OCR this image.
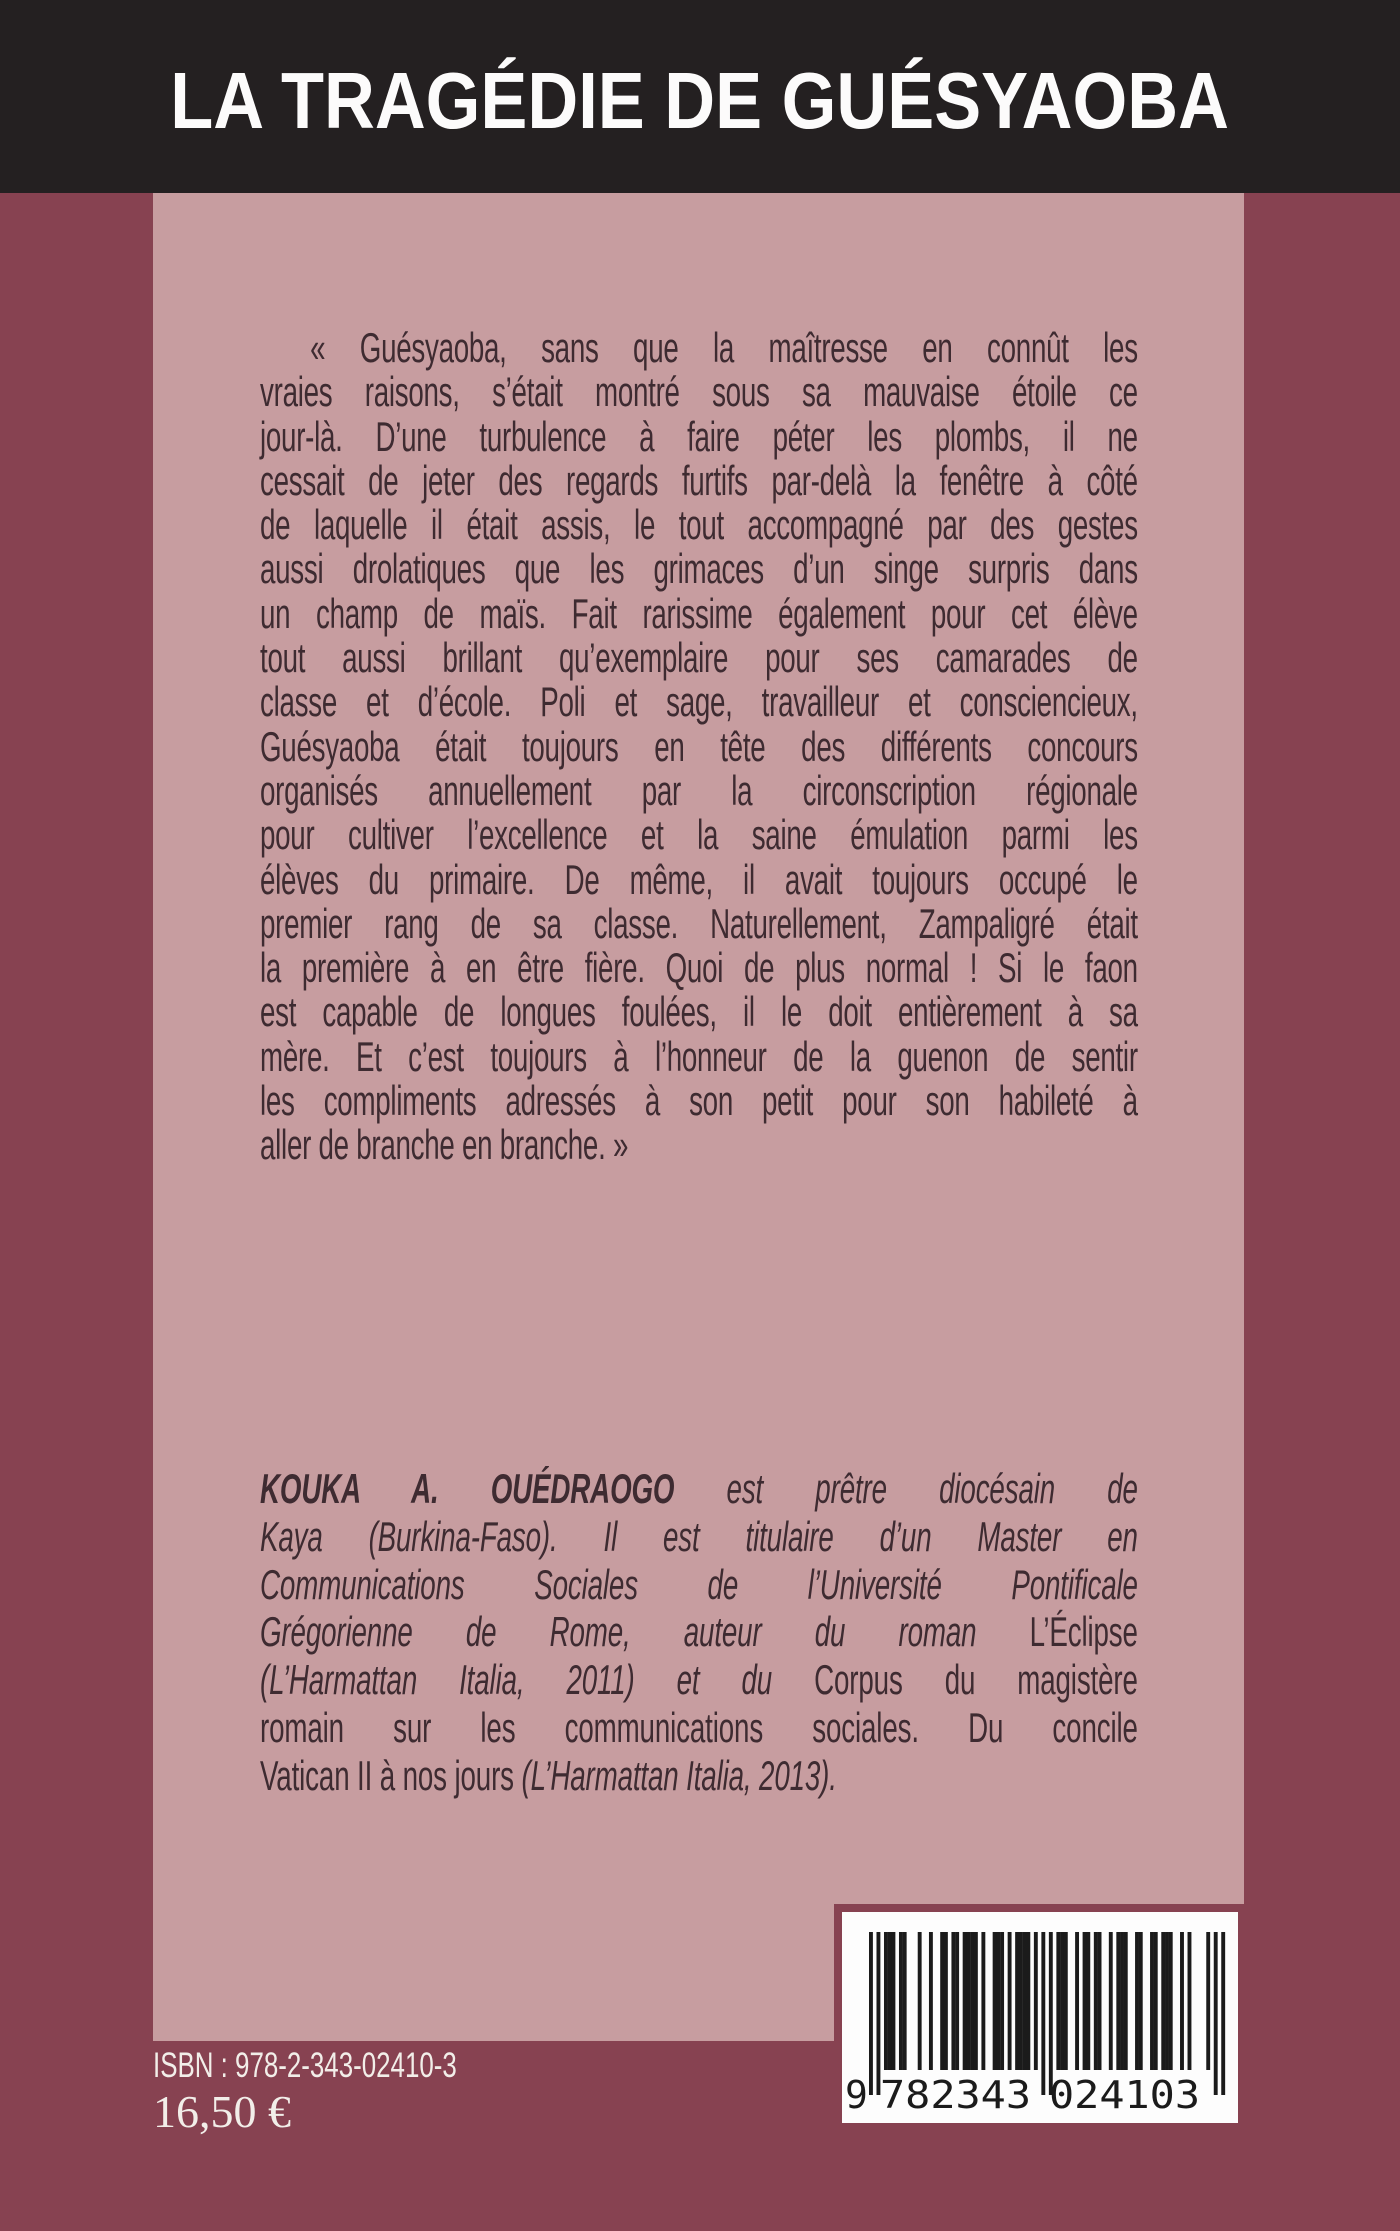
LA TRAGÉDIE DE GUÉSYAOBA
« Guésyaoba, sans que la maîtresse en connût les
vraies raisons, s’était montré sous sa mauvaise étoile ce
jour-là. D’une turbulence à faire péter les plombs, il ne
cessait de jeter des regards furtifs par-delà la fenêtre à côté
de laquelle il était assis, le tout accompagné par des gestes
aussi drolatiques que les grimaces d’un singe surpris dans
un champ de maïs. Fait rarissime également pour cet élève
tout aussi brillant qu’exemplaire pour ses camarades de
classe et d’école. Poli et sage, travailleur et consciencieux,
Guésyaoba était toujours en tête des différents concours
organisés annuellement par la circonscription régionale
pour cultiver l’excellence et la saine émulation parmi les
élèves du primaire. De même, il avait toujours occupé le
premier rang de sa classe. Naturellement, Zampaligré était
la première à en être fière. Quoi de plus normal ! Si le faon
est capable de longues foulées, il le doit entièrement à sa
mère. Et c’est toujours à l’honneur de la guenon de sentir
les compliments adressés à son petit pour son habileté à
aller de branche en branche. »
KOUKA A. OUÉDRAOGO est prêtre diocésain de
Kaya (Burkina-Faso). Il est titulaire d’un Master en
Communications Sociales de l’Université Pontificale
Grégorienne de Rome, auteur du roman L’Éclipse
(L’Harmattan Italia, 2011) et du Corpus du magistère
romain sur les communications sociales. Du concile
Vatican II à nos jours (L’Harmattan Italia, 2013).
9 782343 024103
ISBN : 978-2-343-02410-3
16,50 €
